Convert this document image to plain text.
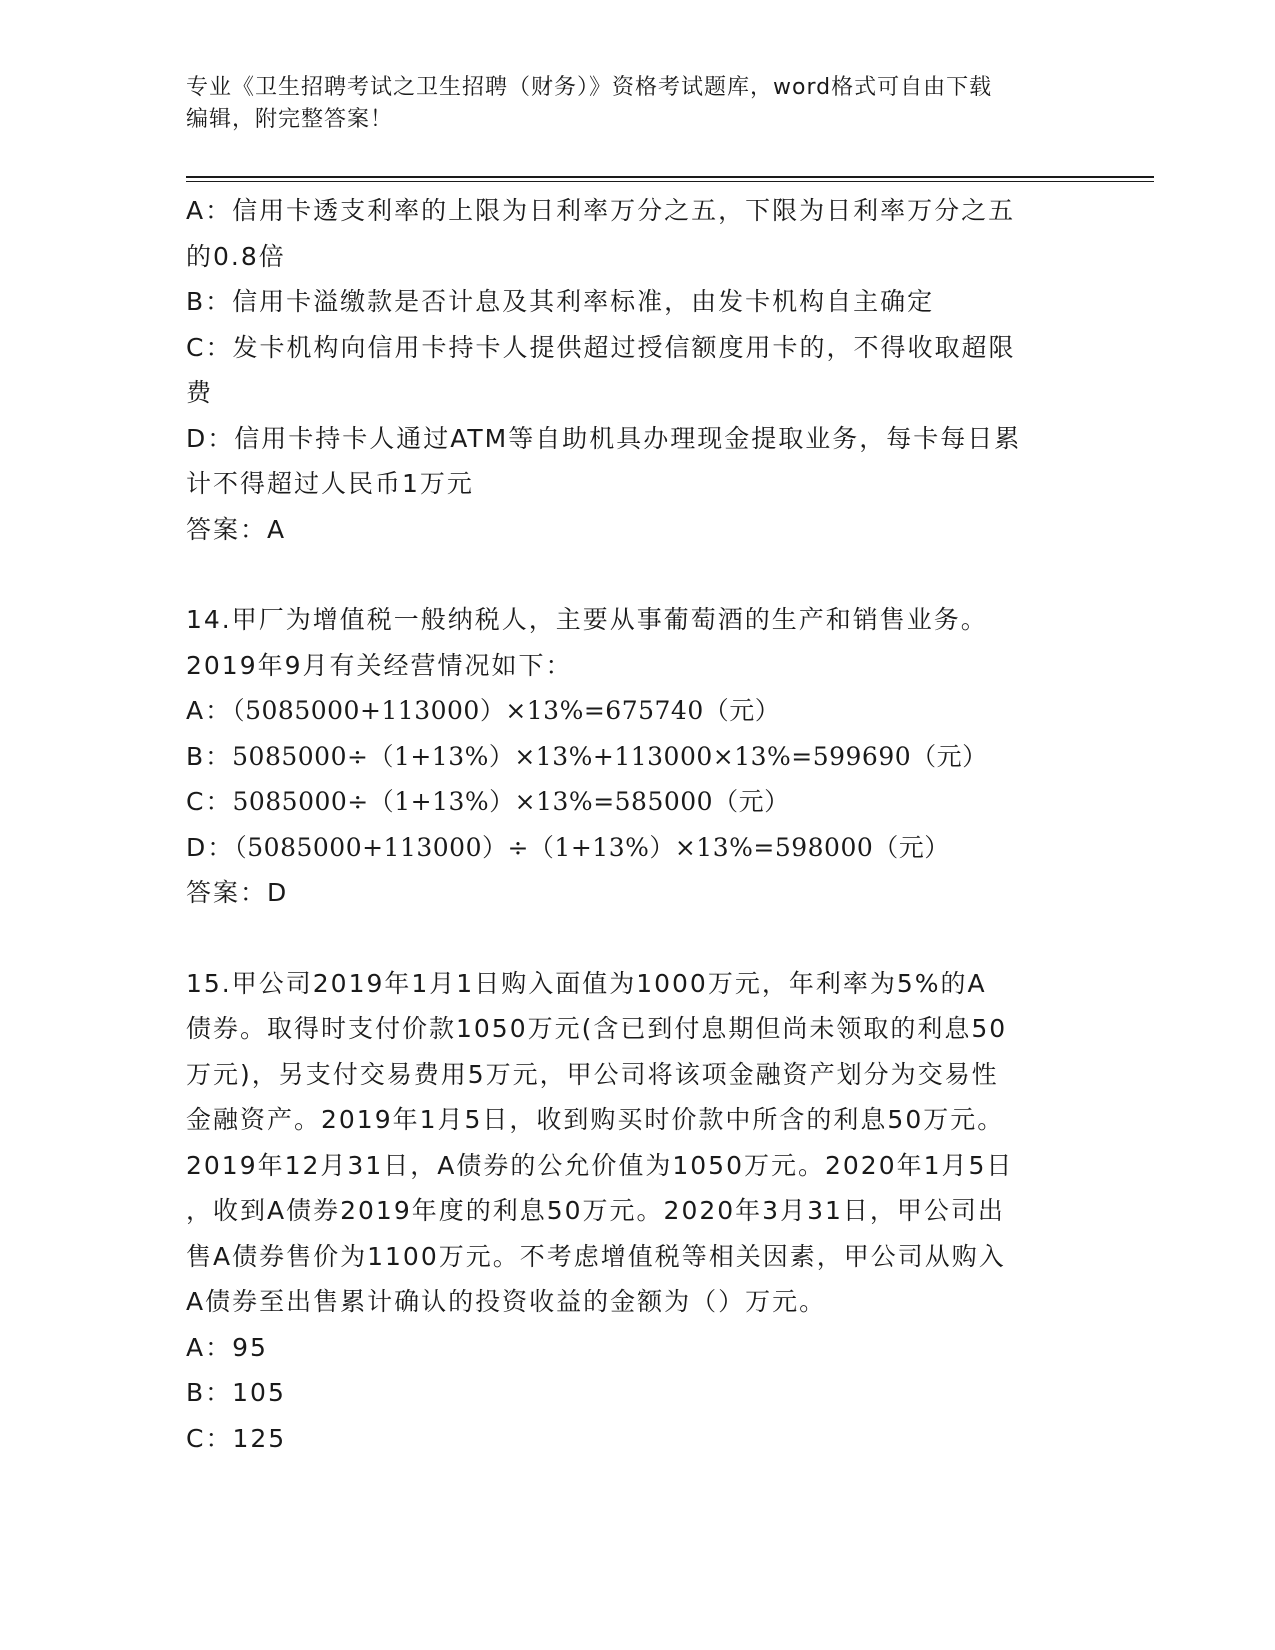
专业《卫生招聘考试之卫生招聘（财务）》资格考试题库，word格式可自由下载
编辑，附完整答案！

A：信用卡透支利率的上限为日利率万分之五，下限为日利率万分之五

的0.8倍

B：信用卡溢缴款是否计息及其利率标准，由发卡机构自主确定

C：发卡机构向信用卡持卡人提供超过授信额度用卡的，不得收取超限

费

D：信用卡持卡人通过ATM等自助机具办理现金提取业务，每卡每日累

计不得超过人民币1万元

答案：A

14.甲厂为增值税一般纳税人，主要从事葡萄酒的生产和销售业务。

2019年9月有关经营情况如下：

A：（5085000+113000）×13%=675740（元）

B：5085000÷（1+13%）×13%+113000×13%=599690（元）

C：5085000÷（1+13%）×13%=585000（元）

D：（5085000+113000）÷（1+13%）×13%=598000（元）

答案：D

15.甲公司2019年1月1日购入面值为1000万元，年利率为5%的A

债券。取得时支付价款1050万元(含已到付息期但尚未领取的利息50

万元)，另支付交易费用5万元，甲公司将该项金融资产划分为交易性

金融资产。2019年1月5日，收到购买时价款中所含的利息50万元。

2019年12月31日，A债券的公允价值为1050万元。2020年1月5日

，收到A债券2019年度的利息50万元。2020年3月31日，甲公司出

售A债券售价为1100万元。不考虑增值税等相关因素，甲公司从购入

A债券至出售累计确认的投资收益的金额为（）万元。

A：95

B：105

C：125
